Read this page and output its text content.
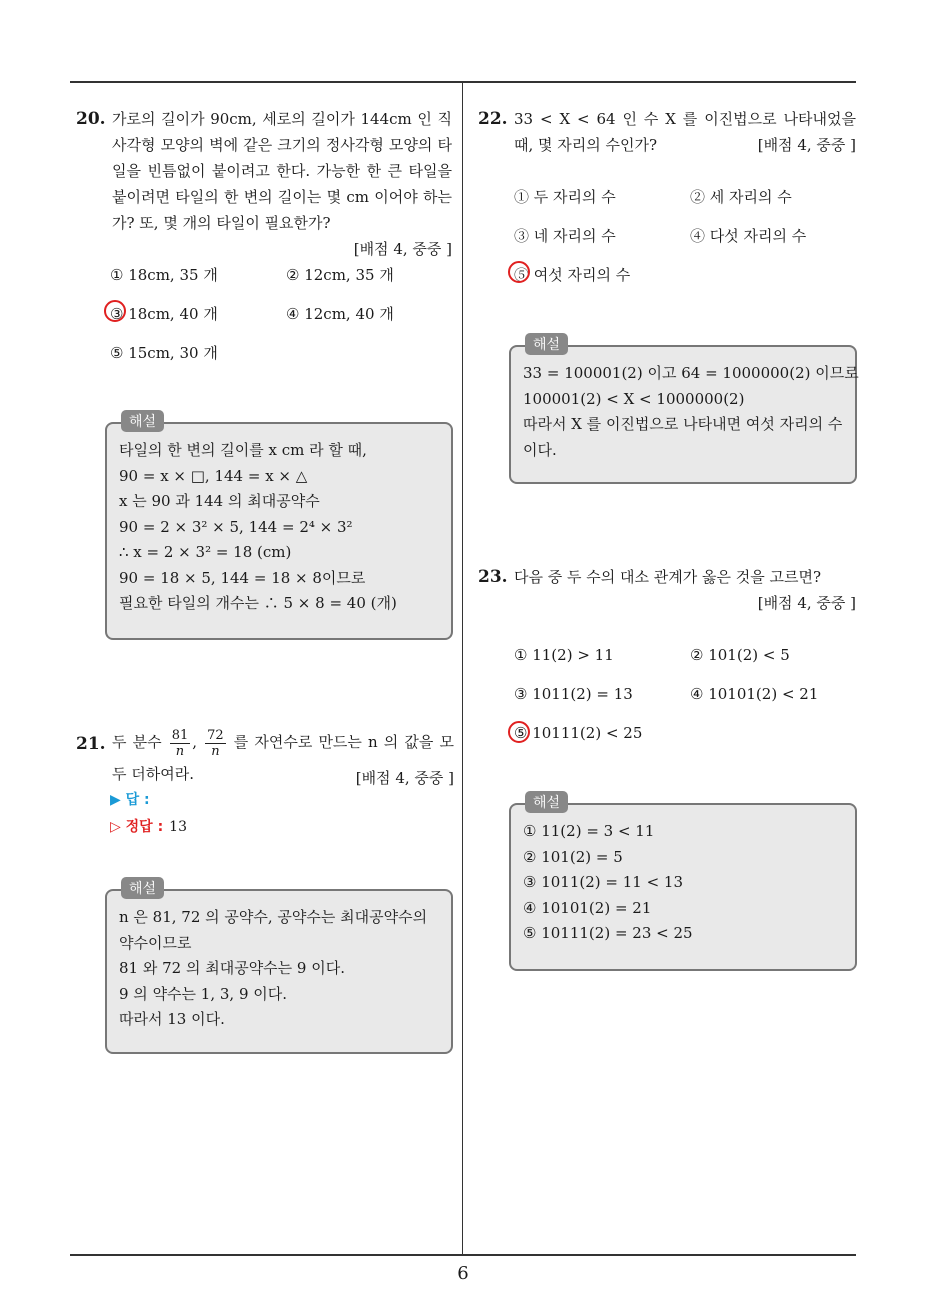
20. 가로의 길이가 90cm, 세로의 길이가 144cm 인 직사각형 모양의 벽에 같은 크기의 정사각형 모양의 타일을 빈틈없이 붙이려고 한다. 가능한 한 큰 타일을 붙이려면 타일의 한 변의 길이는 몇 cm 이어야 하는가? 또, 몇 개의 타일이 필요한가?
[배점 4, 중중 ]
① 18cm, 35 개	② 12cm, 35 개
③ 18cm, 40 개	④ 12cm, 40 개
⑤ 15cm, 30 개
해설
타일의 한 변의 길이를 x cm 라 할 때,
90 = x × □, 144 = x × △
x 는 90 과 144 의 최대공약수
90 = 2 × 3² × 5, 144 = 2⁴ × 3²
∴ x = 2 × 3² = 18 (cm)
90 = 18 × 5, 144 = 18 × 8이므로
필요한 타일의 개수는 ∴ 5 × 8 = 40 (개)
21. 두 분수 $\frac{81}{n}$ , $\frac{72}{n}$ 를 자연수로 만드는 n 의 값을 모두 더하여라.	[배점 4, 중중 ]
▶ 답 :
▷ 정답 : 13
해설
n 은 81, 72 의 공약수, 공약수는 최대공약수의
약수이므로
81 와 72 의 최대공약수는 9 이다.
9 의 약수는 1, 3, 9 이다.
따라서 13 이다.
22. 33 < X < 64 인 수 X 를 이진법으로 나타내었을 때, 몇 자리의 수인가?	[배점 4, 중중 ]
① 두 자리의 수	② 세 자리의 수
③ 네 자리의 수	④ 다섯 자리의 수
⑤ 여섯 자리의 수
해설
33 = 100001(2) 이고 64 = 1000000(2) 이므로
100001(2) < X < 1000000(2)
따라서 X 를 이진법으로 나타내면 여섯 자리의 수
이다.
23. 다음 중 두 수의 대소 관계가 옳은 것을 고르면?
[배점 4, 중중 ]
① 11(2) > 11	② 101(2) < 5
③ 1011(2) = 13	④ 10101(2) < 21
⑤ 10111(2) < 25
해설
① 11(2) = 3 < 11
② 101(2) = 5
③ 1011(2) = 11 < 13
④ 10101(2) = 21
⑤ 10111(2) = 23 < 25
6
